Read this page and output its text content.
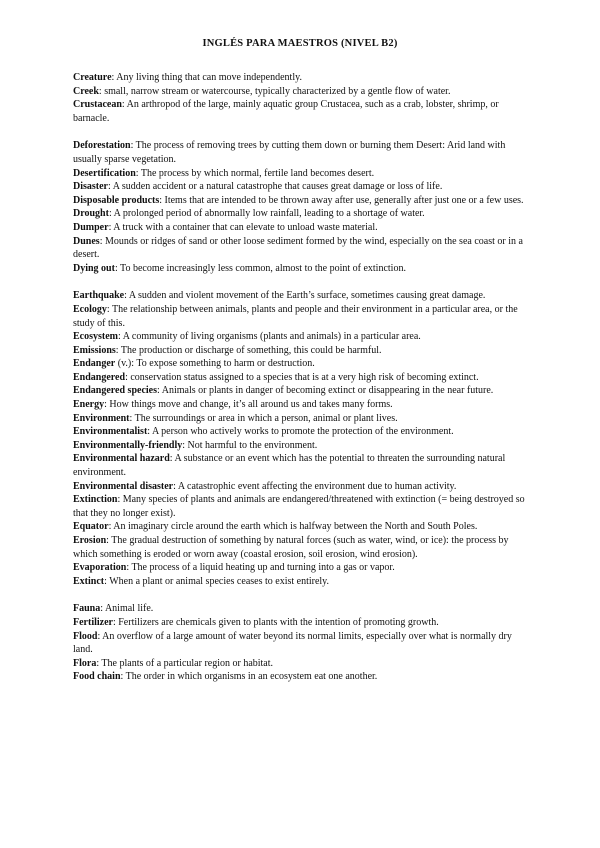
INGLÉS PARA MAESTROS (NIVEL B2)

Creature: Any living thing that can move independently.

Creek: small, narrow stream or watercourse, typically characterized by a gentle flow of water.

Crustacean: An arthropod of the large, mainly aquatic group Crustacea, such as a crab, lobster, shrimp, or barnacle.

Deforestation: The process of removing trees by cutting them down or burning them Desert: Arid land with usually sparse vegetation.

Desertification: The process by which normal, fertile land becomes desert.

Disaster: A sudden accident or a natural catastrophe that causes great damage or loss of life.

Disposable products: Items that are intended to be thrown away after use, generally after just one or a few uses.

Drought: A prolonged period of abnormally low rainfall, leading to a shortage of water.

Dumper: A truck with a container that can elevate to unload waste material.

Dunes: Mounds or ridges of sand or other loose sediment formed by the wind, especially on the sea coast or in a desert.

Dying out: To become increasingly less common, almost to the point of extinction.

Earthquake: A sudden and violent movement of the Earth’s surface, sometimes causing great damage.

Ecology: The relationship between animals, plants and people and their environment in a particular area, or the study of this.

Ecosystem: A community of living organisms (plants and animals) in a particular area.

Emissions: The production or discharge of something, this could be harmful.

Endanger (v.): To expose something to harm or destruction.

Endangered: conservation status assigned to a species that is at a very high risk of becoming extinct.

Endangered species: Animals or plants in danger of becoming extinct or disappearing in the near future.

Energy: How things move and change, it’s all around us and takes many forms.

Environment: The surroundings or area in which a person, animal or plant lives.

Environmentalist: A person who actively works to promote the protection of the environment.

Environmentally-friendly: Not harmful to the environment.

Environmental hazard: A substance or an event which has the potential to threaten the surrounding natural environment.

Environmental disaster: A catastrophic event affecting the environment due to human activity.

Extinction: Many species of plants and animals are endangered/threatened with extinction (= being destroyed so that they no longer exist).

Equator: An imaginary circle around the earth which is halfway between the North and South Poles.

Erosion: The gradual destruction of something by natural forces (such as water, wind, or ice): the process by which something is eroded or worn away (coastal erosion, soil erosion, wind erosion).

Evaporation: The process of a liquid heating up and turning into a gas or vapor.

Extinct: When a plant or animal species ceases to exist entirely.

Fauna: Animal life.

Fertilizer: Fertilizers are chemicals given to plants with the intention of promoting growth.

Flood: An overflow of a large amount of water beyond its normal limits, especially over what is normally dry land.

Flora: The plants of a particular region or habitat.

Food chain: The order in which organisms in an ecosystem eat one another.
